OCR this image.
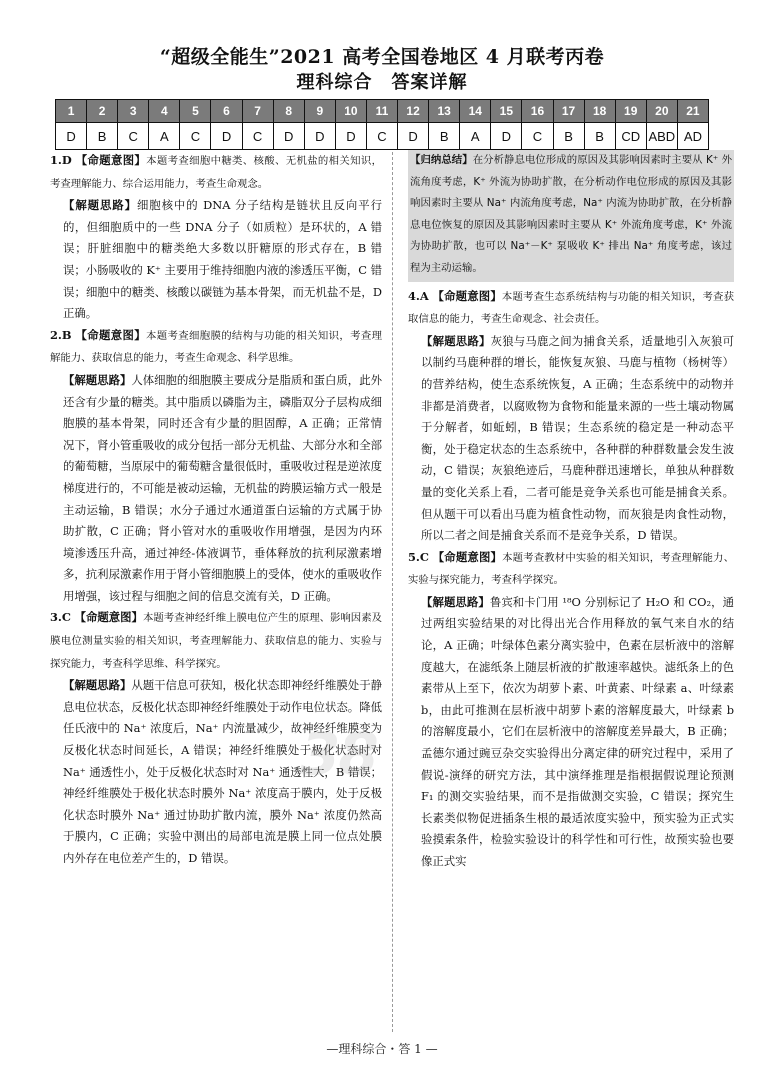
“超级全能生”2021 高考全国卷地区 4 月联考丙卷
理科综合　答案详解
1	2	3	4	5	6	7	8	9	10	11	12	13	14	15	16	17	18	19	20	21
D	B	C	A	C	D	C	D	D	D	C	D	B	A	D	C	B	B	CD	ABD	AD

1.D 【命题意图】本题考查细胞中糖类、核酸、无机盐的相关知识，考查理解能力、综合运用能力，考查生命观念。

【解题思路】细胞核中的 DNA 分子结构是链状且反向平行的，但细胞质中的一些 DNA 分子（如质粒）是环状的，A 错误；肝脏细胞中的糖类绝大多数以肝糖原的形式存在，B 错误；小肠吸收的 K⁺ 主要用于维持细胞内液的渗透压平衡，C 错误；细胞中的糖类、核酸以碳链为基本骨架，而无机盐不是，D 正确。

2.B 【命题意图】本题考查细胞膜的结构与功能的相关知识，考查理解能力、获取信息的能力，考查生命观念、科学思维。

【解题思路】人体细胞的细胞膜主要成分是脂质和蛋白质，此外还含有少量的糖类。其中脂质以磷脂为主，磷脂双分子层构成细胞膜的基本骨架，同时还含有少量的胆固醇，A 正确；正常情况下，肾小管重吸收的成分包括一部分无机盐、大部分水和全部的葡萄糖，当原尿中的葡萄糖含量很低时，重吸收过程是逆浓度梯度进行的，不可能是被动运输，无机盐的跨膜运输方式一般是主动运输，B 错误；水分子通过水通道蛋白运输的方式属于协助扩散，C 正确；肾小管对水的重吸收作用增强，是因为内环境渗透压升高，通过神经-体液调节，垂体释放的抗利尿激素增多，抗利尿激素作用于肾小管细胞膜上的受体，使水的重吸收作用增强，该过程与细胞之间的信息交流有关，D 正确。

3.C 【命题意图】本题考查神经纤维上膜电位产生的原理、影响因素及膜电位测量实验的相关知识，考查理解能力、获取信息的能力、实验与探究能力，考查科学思维、科学探究。

【解题思路】从题干信息可获知，极化状态即神经纤维膜处于静息电位状态，反极化状态即神经纤维膜处于动作电位状态。降低任氏液中的 Na⁺ 浓度后，Na⁺ 内流量减少，故神经纤维膜变为反极化状态时间延长，A 错误；神经纤维膜处于极化状态时对 Na⁺ 通透性小，处于反极化状态时对 Na⁺ 通透性大，B 错误；神经纤维膜处于极化状态时膜外 Na⁺ 浓度高于膜内，处于反极化状态时膜外 Na⁺ 通过协助扩散内流，膜外 Na⁺ 浓度仍然高于膜内，C 正确；实验中测出的局部电流是膜上同一位点处膜内外存在电位差产生的，D 错误。

【归纳总结】在分析静息电位形成的原因及其影响因素时主要从 K⁺ 外流角度考虑，K⁺ 外流为协助扩散，在分析动作电位形成的原因及其影响因素时主要从 Na⁺ 内流角度考虑，Na⁺ 内流为协助扩散，在分析静息电位恢复的原因及其影响因素时主要从 K⁺ 外流角度考虑，K⁺ 外流为协助扩散，也可以 Na⁺－K⁺ 泵吸收 K⁺ 排出 Na⁺ 角度考虑，该过程为主动运输。

4.A 【命题意图】本题考查生态系统结构与功能的相关知识，考查获取信息的能力，考查生命观念、社会责任。

【解题思路】灰狼与马鹿之间为捕食关系，适量地引入灰狼可以制约马鹿种群的增长，能恢复灰狼、马鹿与植物（杨树等）的营养结构，使生态系统恢复，A 正确；生态系统中的动物并非都是消费者，以腐败物为食物和能量来源的一些土壤动物属于分解者，如蚯蚓，B 错误；生态系统的稳定是一种动态平衡，处于稳定状态的生态系统中，各种群的种群数量会发生波动，C 错误；灰狼绝迹后，马鹿种群迅速增长，单独从种群数量的变化关系上看，二者可能是竞争关系也可能是捕食关系。但从题干可以看出马鹿为植食性动物，而灰狼是肉食性动物，所以二者之间是捕食关系而不是竞争关系，D 错误。

5.C 【命题意图】本题考查教材中实验的相关知识，考查理解能力、实验与探究能力，考查科学探究。

【解题思路】鲁宾和卡门用 ¹⁸O 分别标记了 H₂O 和 CO₂，通过两组实验结果的对比得出光合作用释放的氧气来自水的结论，A 正确；叶绿体色素分离实验中，色素在层析液中的溶解度越大，在滤纸条上随层析液的扩散速率越快。滤纸条上的色素带从上至下，依次为胡萝卜素、叶黄素、叶绿素 a、叶绿素 b，由此可推测在层析液中胡萝卜素的溶解度最大，叶绿素 b 的溶解度最小，它们在层析液中的溶解度差异最大，B 正确；孟德尔通过豌豆杂交实验得出分离定律的研究过程中，采用了假说-演绎的研究方法，其中演绎推理是指根据假说理论预测 F₁ 的测交实验结果，而不是指做测交实验，C 错误；探究生长素类似物促进插条生根的最适浓度实验中，预实验为正式实验摸索条件，检验实验设计的科学性和可行性，故预实验也要像正式实

38
—理科综合・答 1 —
